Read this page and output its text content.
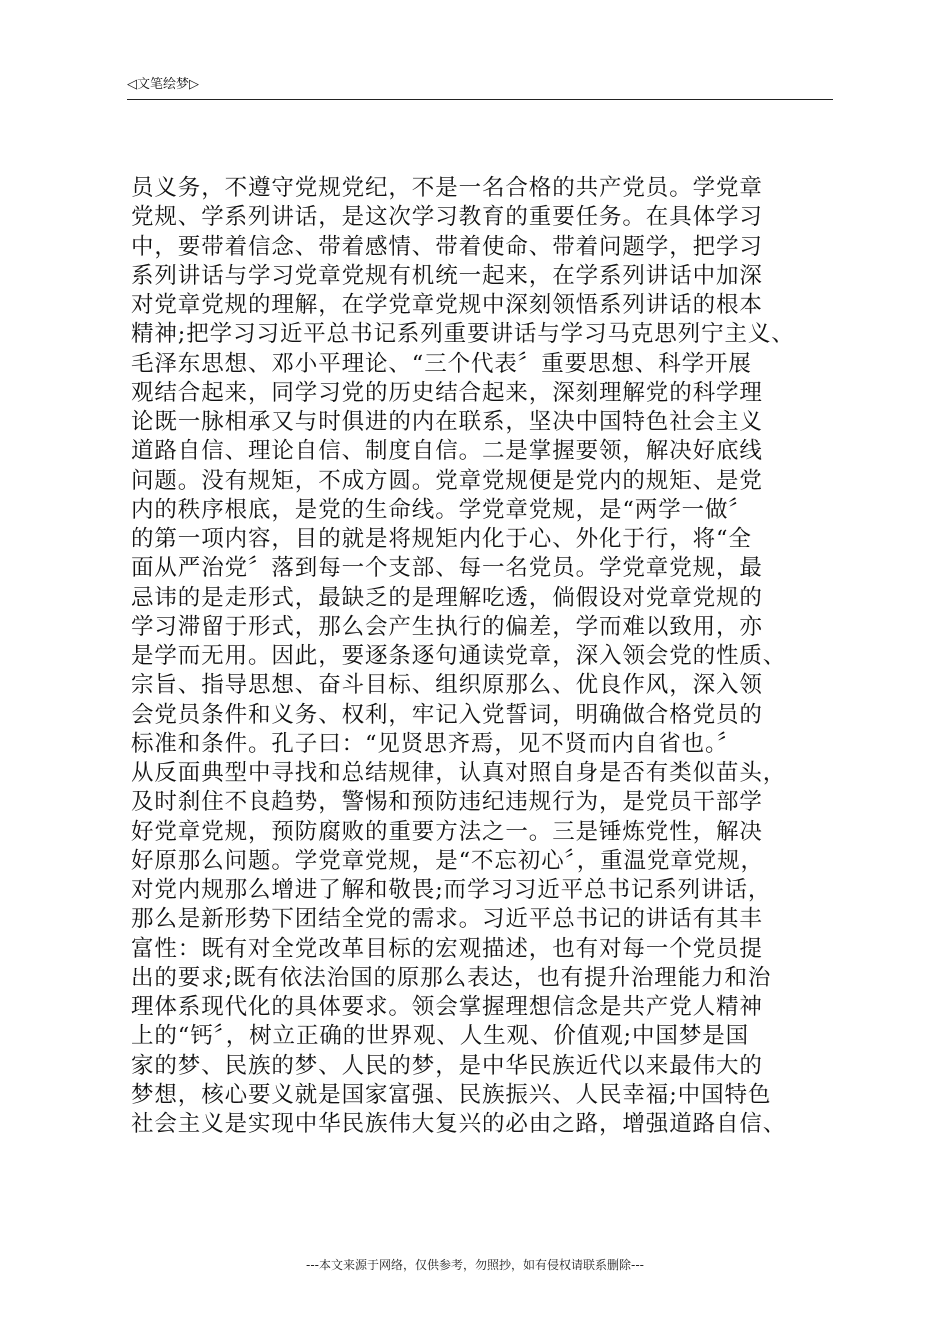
◁文笔绘梦▷
员义务，不遵守党规党纪，不是一名合格的共产党员。学党章
党规、学系列讲话，是这次学习教育的重要任务。在具体学习
中，要带着信念、带着感情、带着使命、带着问题学，把学习
系列讲话与学习党章党规有机统一起来，在学系列讲话中加深
对党章党规的理解，在学党章党规中深刻领悟系列讲话的根本
精神;把学习习近平总书记系列重要讲话与学习马克思列宁主义、
毛泽东思想、邓小平理论、“三个代表〞重要思想、科学开展
观结合起来，同学习党的历史结合起来，深刻理解党的科学理
论既一脉相承又与时俱进的内在联系，坚决中国特色社会主义
道路自信、理论自信、制度自信。二是掌握要领，解决好底线
问题。没有规矩，不成方圆。党章党规便是党内的规矩、是党
内的秩序根底，是党的生命线。学党章党规，是“两学一做〞
的第一项内容，目的就是将规矩内化于心、外化于行，将“全
面从严治党〞落到每一个支部、每一名党员。学党章党规，最
忌讳的是走形式，最缺乏的是理解吃透，倘假设对党章党规的
学习滞留于形式，那么会产生执行的偏差，学而难以致用，亦
是学而无用。因此，要逐条逐句通读党章，深入领会党的性质、
宗旨、指导思想、奋斗目标、组织原那么、优良作风，深入领
会党员条件和义务、权利，牢记入党誓词，明确做合格党员的
标准和条件。孔子曰：“见贤思齐焉，见不贤而内自省也。〞
从反面典型中寻找和总结规律，认真对照自身是否有类似苗头，
及时刹住不良趋势，警惕和预防违纪违规行为，是党员干部学
好党章党规，预防腐败的重要方法之一。三是锤炼党性，解决
好原那么问题。学党章党规，是“不忘初心〞，重温党章党规，
对党内规那么增进了解和敬畏;而学习习近平总书记系列讲话，
那么是新形势下团结全党的需求。习近平总书记的讲话有其丰
富性：既有对全党改革目标的宏观描述，也有对每一个党员提
出的要求;既有依法治国的原那么表达，也有提升治理能力和治
理体系现代化的具体要求。领会掌握理想信念是共产党人精神
上的“钙〞，树立正确的世界观、人生观、价值观;中国梦是国
家的梦、民族的梦、人民的梦，是中华民族近代以来最伟大的
梦想，核心要义就是国家富强、民族振兴、人民幸福;中国特色
社会主义是实现中华民族伟大复兴的必由之路，增强道路自信、
---本文来源于网络，仅供参考，勿照抄，如有侵权请联系删除---
